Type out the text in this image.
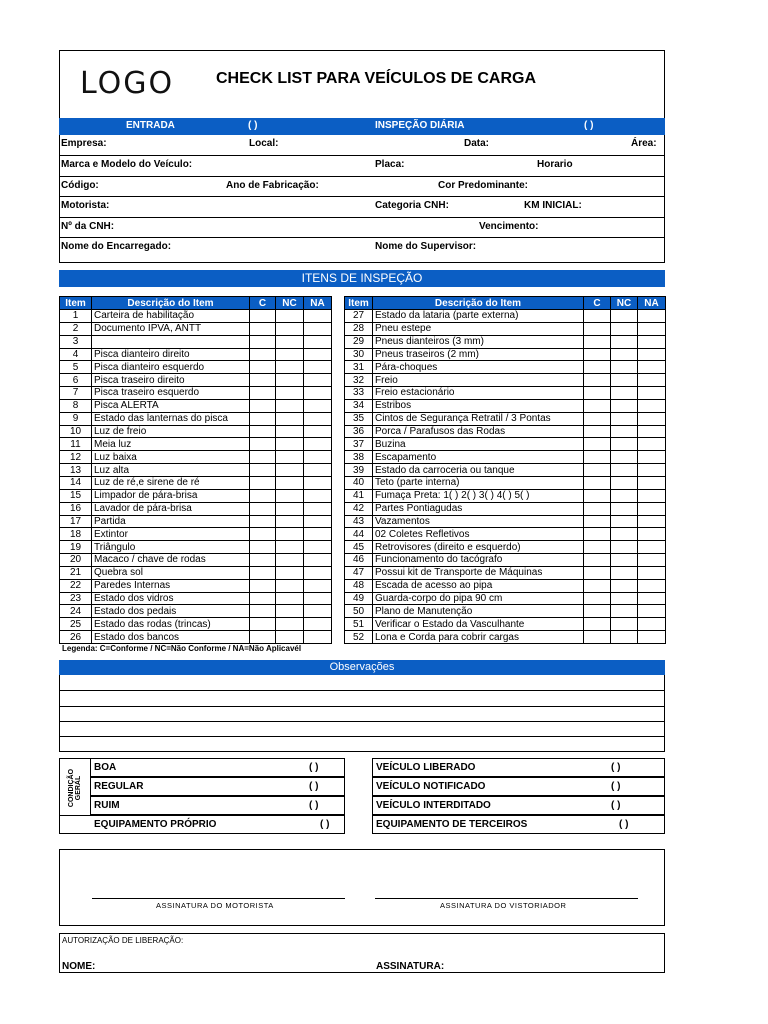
LOGO	CHECK LIST PARA VEÍCULOS DE CARGA
ENTRADA	( )	INSPEÇÃO DIÁRIA	( )
Empresa:	Local:	Data:	Área:
Marca e Modelo do Veículo:	Placa:	Horario
Código:	Ano de Fabricação:	Cor Predominante:
Motorista:	Categoria CNH:	KM INICIAL:
Nº da CNH:	Vencimento:
Nome do Encarregado:	Nome do Supervisor:
ITENS DE INSPEÇÃO
Item	Descrição do Item	C	NC	NA
1	Carteira de habilitação			
2	Documento IPVA, ANTT			
3				
4	Pisca dianteiro direito			
5	Pisca dianteiro esquerdo			
6	Pisca traseiro direito			
7	Pisca traseiro esquerdo			
8	Pisca ALERTA			
9	Estado das lanternas do pisca			
10	Luz de freio			
11	Meia luz			
12	Luz baixa			
13	Luz alta			
14	Luz de ré,e sirene de ré			
15	Limpador de pára-brisa			
16	Lavador de pára-brisa			
17	Partida			
18	Extintor			
19	Triângulo			
20	Macaco / chave de rodas			
21	Quebra sol			
22	Paredes Internas			
23	Estado dos vidros			
24	Estado dos pedais			
25	Estado das rodas (trincas)			
26	Estado dos bancos			
Item	Descrição do Item	C	NC	NA
27	Estado da lataria (parte externa)			
28	Pneu estepe			
29	Pneus dianteiros (3 mm)			
30	Pneus traseiros (2 mm)			
31	Pára-choques			
32	Freio			
33	Freio estacionário			
34	Estribos			
35	Cintos de Segurança Retratil / 3 Pontas			
36	Porca / Parafusos das Rodas			
37	Buzina			
38	Escapamento			
39	Estado da carroceria ou tanque			
40	Teto (parte interna)			
41	Fumaça Preta: 1( ) 2( ) 3( ) 4( ) 5( )			
42	Partes Pontiagudas			
43	Vazamentos			
44	02 Coletes Refletivos			
45	Retrovisores (direito e esquerdo)			
46	Funcionamento do tacógrafo			
47	Possui kit de Transporte de Máquinas			
48	Escada de acesso ao pipa			
49	Guarda-corpo do pipa 90 cm			
50	Plano de Manutenção			
51	Verificar o Estado da Vasculhante			
52	Lona e Corda para cobrir cargas			
Legenda: C=Conforme / NC=Não Conforme / NA=Não Aplicavél
Observações
CONDIÇÃO GERAL
BOA	( )
REGULAR	( )
RUIM	( )
EQUIPAMENTO PRÓPRIO	( )
VEÍCULO LIBERADO	( )
VEÍCULO NOTIFICADO	( )
VEÍCULO INTERDITADO	( )
EQUIPAMENTO DE TERCEIROS	( )
ASSINATURA DO MOTORISTA	ASSINATURA DO VISTORIADOR
AUTORIZAÇÃO DE LIBERAÇÃO:
NOME:	ASSINATURA:
